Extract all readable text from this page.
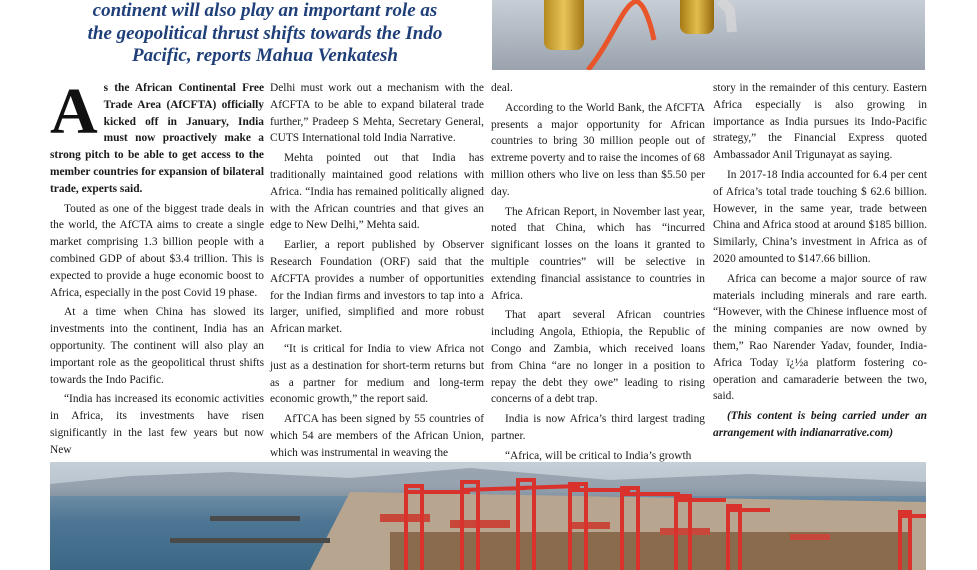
continent will also play an important role as

the geopolitical thrust shifts towards the Indo

Pacific, reports Mahua Venkatesh

As the African Continental Free Trade Area (AfCFTA) officially kicked off in January, India must now proactively make a strong pitch to be able to get access to the member countries for expansion of bilateral trade, experts said.

Touted as one of the biggest trade deals in the world, the AfCTA aims to create a single market comprising 1.3 billion people with a combined GDP of about $3.4 trillion. This is expected to provide a huge economic boost to Africa, especially in the post Covid 19 phase.

At a time when China has slowed its investments into the continent, India has an opportunity. The continent will also play an important role as the geopolitical thrust shifts towards the Indo Pacific.

“India has increased its economic activities in Africa, its investments have risen significantly in the last few years but now New

Delhi must work out a mechanism with the AfCFTA to be able to expand bilateral trade further,” Pradeep S Mehta, Secretary General, CUTS International told India Narrative.

Mehta pointed out that India has traditionally maintained good relations with Africa. “India has remained politically aligned with the African countries and that gives an edge to New Delhi,” Mehta said.

Earlier, a report published by Observer Research Foundation (ORF) said that the AfCFTA provides a number of opportunities for the Indian firms and investors to tap into a larger, unified, simplified and more robust African market.

“It is critical for India to view Africa not just as a destination for short-term returns but as a partner for medium and long-term economic growth,” the report said.

AfTCA has been signed by 55 countries of which 54 are members of the African Union, which was instrumental in weaving the

deal.

According to the World Bank, the AfCFTA presents a major opportunity for African countries to bring 30 million people out of extreme poverty and to raise the incomes of 68 million others who live on less than $5.50 per day.

The African Report, in November last year, noted that China, which has “incurred significant losses on the loans it granted to multiple countries” will be selective in extending financial assistance to countries in Africa.

That apart several African countries including Angola, Ethiopia, the Republic of Congo and Zambia, which received loans from China “are no longer in a position to repay the debt they owe” leading to rising concerns of a debt trap.

India is now Africa’s third largest trading partner.

“Africa, will be critical to India’s growth

story in the remainder of this century. Eastern Africa especially is also growing in importance as India pursues its Indo-Pacific strategy,” the Financial Express quoted Ambassador Anil Trigunayat as saying.

In 2017-18 India accounted for 6.4 per cent of Africa’s total trade touching $ 62.6 billion. However, in the same year, trade between China and Africa stood at around $185 billion. Similarly, China’s investment in Africa as of 2020 amounted to $147.66 billion.

Africa can become a major source of raw materials including minerals and rare earth. “However, with the Chinese influence most of the mining companies are now owned by them,” Rao Narender Yadav, founder, India-Africa Today ï¿½a platform fostering co-operation and camaraderie between the two, said.

(This content is being carried under an arrangement with indianarrative.com)
